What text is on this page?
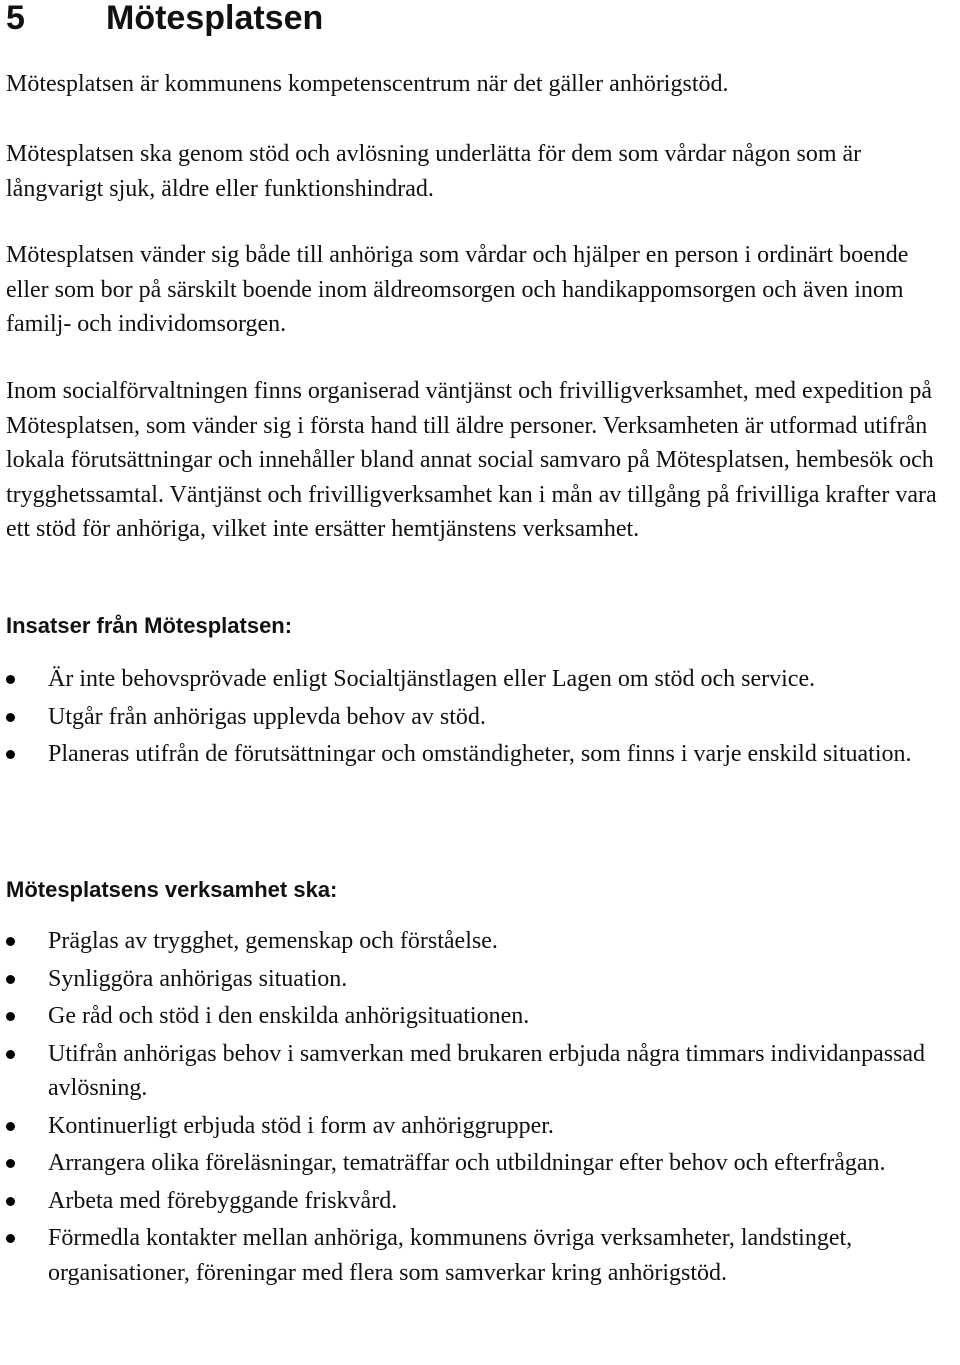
5 Mötesplatsen

Mötesplatsen är kommunens kompetenscentrum när det gäller anhörigstöd.

Mötesplatsen ska genom stöd och avlösning underlätta för dem som vårdar någon som är långvarigt sjuk, äldre eller funktionshindrad.

Mötesplatsen vänder sig både till anhöriga som vårdar och hjälper en person i ordinärt boende eller som bor på särskilt boende inom äldreomsorgen och handikappomsorgen och även inom familj- och individomsorgen.

Inom socialförvaltningen finns organiserad väntjänst och frivilligverksamhet, med expedition på Mötesplatsen, som vänder sig i första hand till äldre personer. Verksamheten är utformad utifrån lokala förutsättningar och innehåller bland annat social samvaro på Mötesplatsen, hembesök och trygghetssamtal. Väntjänst och frivilligverksamhet kan i mån av tillgång på frivilliga krafter vara ett stöd för anhöriga, vilket inte ersätter hemtjänstens verksamhet.

Insatser från Mötesplatsen:
Är inte behovsprövade enligt Socialtjänstlagen eller Lagen om stöd och service.
Utgår från anhörigas upplevda behov av stöd.
Planeras utifrån de förutsättningar och omständigheter, som finns i varje enskild situation.
Mötesplatsens verksamhet ska:
Präglas av trygghet, gemenskap och förståelse.
Synliggöra anhörigas situation.
Ge råd och stöd i den enskilda anhörigsituationen.
Utifrån anhörigas behov i samverkan med brukaren erbjuda några timmars individanpassad avlösning.
Kontinuerligt erbjuda stöd i form av anhöriggrupper.
Arrangera olika föreläsningar, tematräffar och utbildningar efter behov och efterfrågan.
Arbeta med förebyggande friskvård.
Förmedla kontakter mellan anhöriga, kommunens övriga verksamheter, landstinget, organisationer, föreningar med flera som samverkar kring anhörigstöd.
